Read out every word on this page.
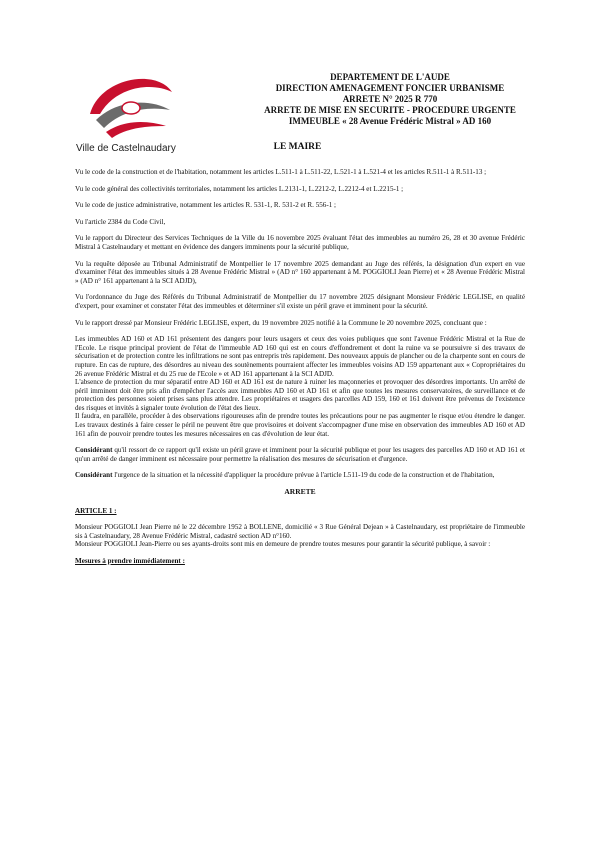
Ville de Castelnaudary
DEPARTEMENT DE L'AUDE
DIRECTION AMENAGEMENT FONCIER URBANISME
ARRETE N° 2025 R 770
ARRETE DE MISE EN SECURITE - PROCEDURE URGENTE
IMMEUBLE « 28 Avenue Frédéric Mistral » AD 160
LE MAIRE

Vu le code de la construction et de l'habitation, notamment les articles L.511-1 à L.511-22, L.521-1 à L.521-4 et les articles R.511-1 à R.511-13 ;

Vu le code général des collectivités territoriales, notamment les articles L.2131-1, L.2212-2, L.2212-4 et L.2215-1 ;

Vu le code de justice administrative, notamment les articles R. 531-1, R. 531-2 et R. 556-1 ;

Vu l'article 2384 du Code Civil,

Vu le rapport du Directeur des Services Techniques de la Ville du 16 novembre 2025 évaluant l'état des immeubles au numéro 26, 28 et 30 avenue Frédéric Mistral à Castelnaudary et mettant en évidence des dangers imminents pour la sécurité publique,

Vu la requête déposée au Tribunal Administratif de Montpellier le 17 novembre 2025 demandant au Juge des référés, la désignation d'un expert en vue d'examiner l'état des immeubles situés à 28 Avenue Frédéric Mistral » (AD n° 160 appartenant à M. POGGIOLI Jean Pierre) et « 28 Avenue Frédéric Mistral » (AD n° 161 appartenant à la SCI ADJD),

Vu l'ordonnance du Juge des Référés du Tribunal Administratif de Montpellier du 17 novembre 2025 désignant Monsieur Frédéric LEGLISE, en qualité d'expert, pour examiner et constater l'état des immeubles et déterminer s'il existe un péril grave et imminent pour la sécurité.

Vu le rapport dressé par Monsieur Frédéric LEGLISE, expert, du 19 novembre 2025 notifié à la Commune le 20 novembre 2025, concluant que :

Les immeubles AD 160 et AD 161 présentent des dangers pour leurs usagers et ceux des voies publiques que sont l'avenue Frédéric Mistral et la Rue de l'Ecole. Le risque principal provient de l'état de l'immeuble AD 160 qui est en cours d'effondrement et dont la ruine va se poursuivre si des travaux de sécurisation et de protection contre les infiltrations ne sont pas entrepris très rapidement. Des nouveaux appuis de plancher ou de la charpente sont en cours de rupture. En cas de rupture, des désordres au niveau des soutènements pourraient affecter les immeubles voisins AD 159 appartenant aux « Copropriétaires du 26 avenue Frédéric Mistral et du 25 rue de l'Ecole » et AD 161 appartenant à la SCI ADJD.

L'absence de protection du mur séparatif entre AD 160 et AD 161 est de nature à ruiner les maçonneries et provoquer des désordres importants. Un arrêté de péril imminent doit être pris afin d'empêcher l'accès aux immeubles AD 160 et AD 161 et afin que toutes les mesures conservatoires, de surveillance et de protection des personnes soient prises sans plus attendre. Les propriétaires et usagers des parcelles AD 159, 160 et 161 doivent être prévenus de l'existence des risques et invités à signaler toute évolution de l'état des lieux.

Il faudra, en parallèle, procéder à des observations rigoureuses afin de prendre toutes les précautions pour ne pas augmenter le risque et/ou étendre le danger. Les travaux destinés à faire cesser le péril ne peuvent être que provisoires et doivent s'accompagner d'une mise en observation des immeubles AD 160 et AD 161 afin de pouvoir prendre toutes les mesures nécessaires en cas d'évolution de leur état.

Considérant qu'il ressort de ce rapport qu'il existe un péril grave et imminent pour la sécurité publique et pour les usagers des parcelles AD 160 et AD 161 et qu'un arrêté de danger imminent est nécessaire pour permettre la réalisation des mesures de sécurisation et d'urgence.

Considérant l'urgence de la situation et la nécessité d'appliquer la procédure prévue à l'article L511-19 du code de la construction et de l'habitation,

ARRETE

ARTICLE 1 :

Monsieur POGGIOLI Jean Pierre né le 22 décembre 1952 à BOLLENE, domicilié « 3 Rue Général Dejean » à Castelnaudary, est propriétaire de l'immeuble sis à Castelnaudary, 28 Avenue Frédéric Mistral, cadastré section AD n°160.

Monsieur POGGIOLI Jean-Pierre ou ses ayants-droits sont mis en demeure de prendre toutes mesures pour garantir la sécurité publique, à savoir :

Mesures à prendre immédiatement :
